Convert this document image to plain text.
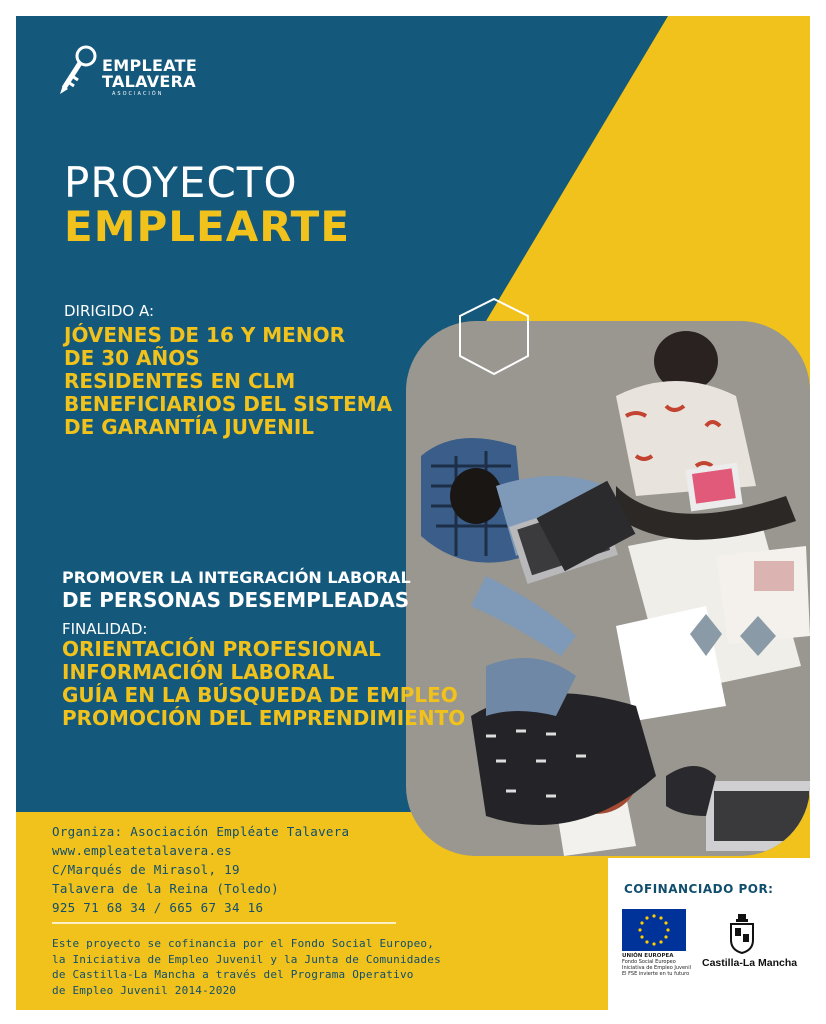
EMPLEATE
TALAVERA
ASOCIACIÓN
PROYECTO
EMPLEARTE
DIRIGIDO A:
JÓVENES DE 16 Y MENOR
DE 30 AÑOS
RESIDENTES EN CLM
BENEFICIARIOS DEL SISTEMA
DE GARANTÍA JUVENIL
PROMOVER LA INTEGRACIÓN LABORAL
DE PERSONAS DESEMPLEADAS
FINALIDAD:
ORIENTACIÓN PROFESIONAL
INFORMACIÓN LABORAL
GUÍA EN LA BÚSQUEDA DE EMPLEO
PROMOCIÓN DEL EMPRENDIMIENTO
Organiza: Asociación Empléate Talavera
www.empleatetalavera.es
C/Marqués de Mirasol, 19
Talavera de la Reina (Toledo)
925 71 68 34 / 665 67 34 16
Este proyecto se cofinancia por el Fondo Social Europeo,
la Iniciativa de Empleo Juvenil y la Junta de Comunidades
de Castilla-La Mancha a través del Programa Operativo
de Empleo Juvenil 2014-2020
COFINANCIADO POR:
UNIÓN EUROPEA
Fondo Social Europeo
Iniciativa de Empleo Juvenil
El FSE invierte en tu futuro
Castilla-La Mancha
